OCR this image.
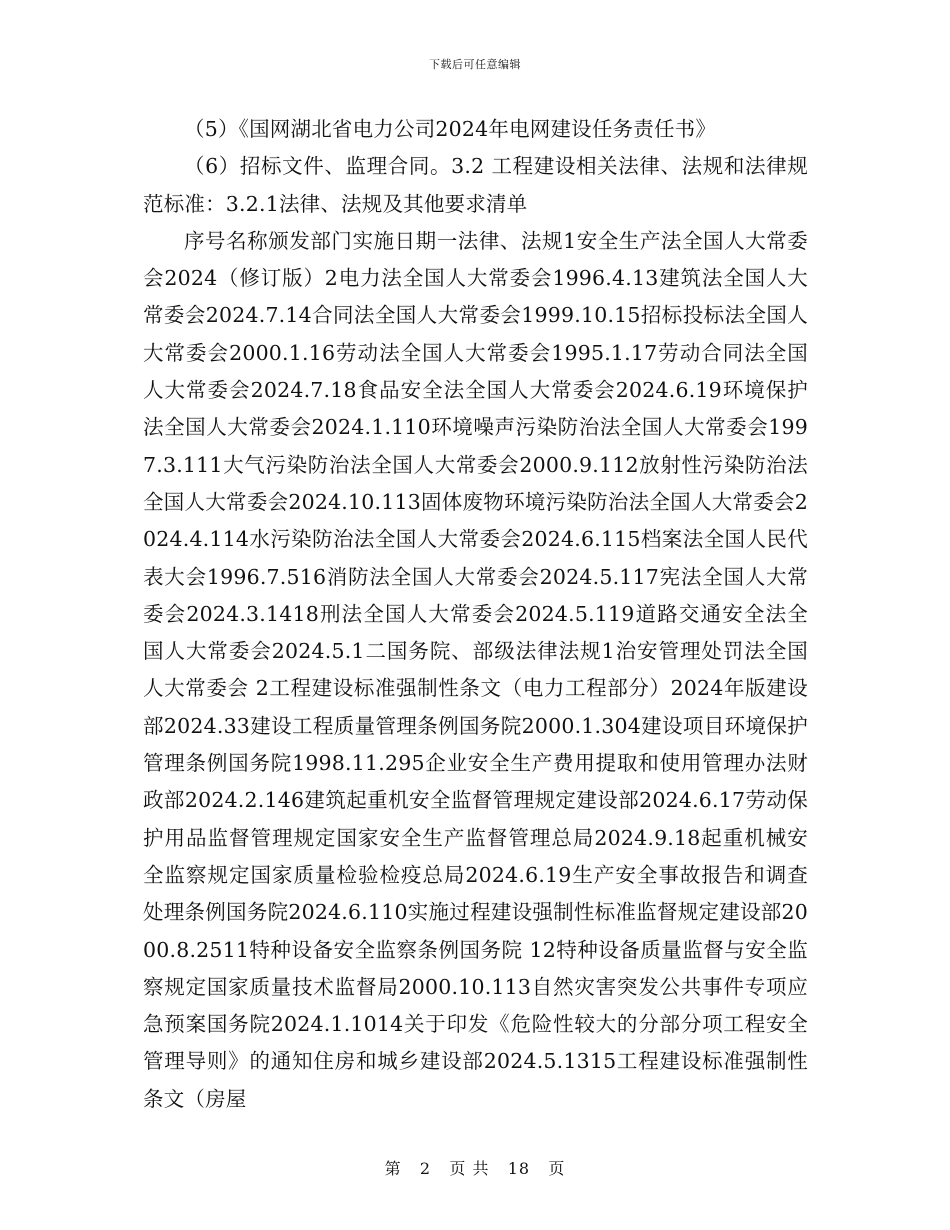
下载后可任意编辑

（5）《国网湖北省电力公司2024年电网建设任务责任书》

（6）招标文件、监理合同。3.2 工程建设相关法律、法规和法律规范标准：3.2.1法律、法规及其他要求清单

序号名称颁发部门实施日期一法律、法规1安全生产法全国人大常委会2024（修订版）2电力法全国人大常委会1996.4.13建筑法全国人大常委会2024.7.14合同法全国人大常委会1999.10.15招标投标法全国人大常委会2000.1.16劳动法全国人大常委会1995.1.17劳动合同法全国人大常委会2024.7.18食品安全法全国人大常委会2024.6.19环境保护法全国人大常委会2024.1.110环境噪声污染防治法全国人大常委会1997.3.111大气污染防治法全国人大常委会2000.9.112放射性污染防治法全国人大常委会2024.10.113固体废物环境污染防治法全国人大常委会2024.4.114水污染防治法全国人大常委会2024.6.115档案法全国人民代表大会1996.7.516消防法全国人大常委会2024.5.117宪法全国人大常委会2024.3.1418刑法全国人大常委会2024.5.119道路交通安全法全国人大常委会2024.5.1二国务院、部级法律法规1治安管理处罚法全国人大常委会 2工程建设标准强制性条文（电力工程部分）2024年版建设部2024.33建设工程质量管理条例国务院2000.1.304建设项目环境保护管理条例国务院1998.11.295企业安全生产费用提取和使用管理办法财政部2024.2.146建筑起重机安全监督管理规定建设部2024.6.17劳动保护用品监督管理规定国家安全生产监督管理总局2024.9.18起重机械安全监察规定国家质量检验检疫总局2024.6.19生产安全事故报告和调查处理条例国务院2024.6.110实施过程建设强制性标准监督规定建设部2000.8.2511特种设备安全监察条例国务院 12特种设备质量监督与安全监察规定国家质量技术监督局2000.10.113自然灾害突发公共事件专项应急预案国务院2024.1.1014关于印发《危险性较大的分部分项工程安全管理导则》的通知住房和城乡建设部2024.5.1315工程建设标准强制性条文（房屋

第 2 页 共 18 页
